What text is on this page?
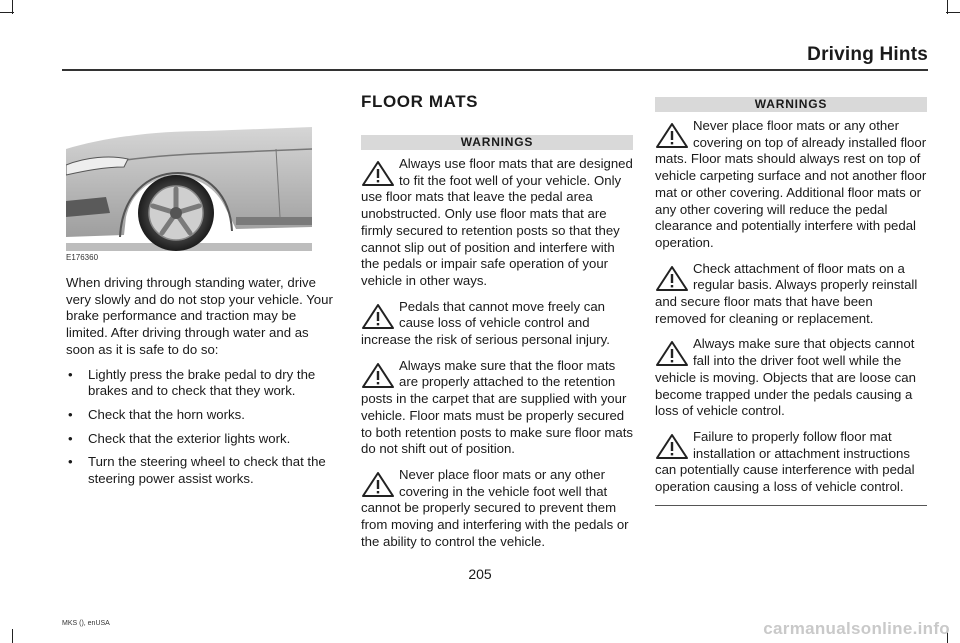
Driving Hints
E176360

When driving through standing water, drive very slowly and do not stop your vehicle. Your brake performance and traction may be limited. After driving through water and as soon as it is safe to do so:

• Lightly press the brake pedal to dry the brakes and to check that they work.
• Check that the horn works.
• Check that the exterior lights work.
• Turn the steering wheel to check that the steering power assist works.
FLOOR MATS
WARNINGS
Always use floor mats that are designed to fit the foot well of your vehicle. Only use floor mats that leave the pedal area unobstructed. Only use floor mats that are firmly secured to retention posts so that they cannot slip out of position and interfere with the pedals or impair safe operation of your vehicle in other ways.
Pedals that cannot move freely can cause loss of vehicle control and increase the risk of serious personal injury.
Always make sure that the floor mats are properly attached to the retention posts in the carpet that are supplied with your vehicle. Floor mats must be properly secured to both retention posts to make sure floor mats do not shift out of position.
Never place floor mats or any other covering in the vehicle foot well that cannot be properly secured to prevent them from moving and interfering with the pedals or the ability to control the vehicle.
WARNINGS
Never place floor mats or any other covering on top of already installed floor mats. Floor mats should always rest on top of vehicle carpeting surface and not another floor mat or other covering. Additional floor mats or any other covering will reduce the pedal clearance and potentially interfere with pedal operation.
Check attachment of floor mats on a regular basis. Always properly reinstall and secure floor mats that have been removed for cleaning or replacement.
Always make sure that objects cannot fall into the driver foot well while the vehicle is moving. Objects that are loose can become trapped under the pedals causing a loss of vehicle control.
Failure to properly follow floor mat installation or attachment instructions can potentially cause interference with pedal operation causing a loss of vehicle control.
205
MKS (), enUSA	carmanualsonline.info
